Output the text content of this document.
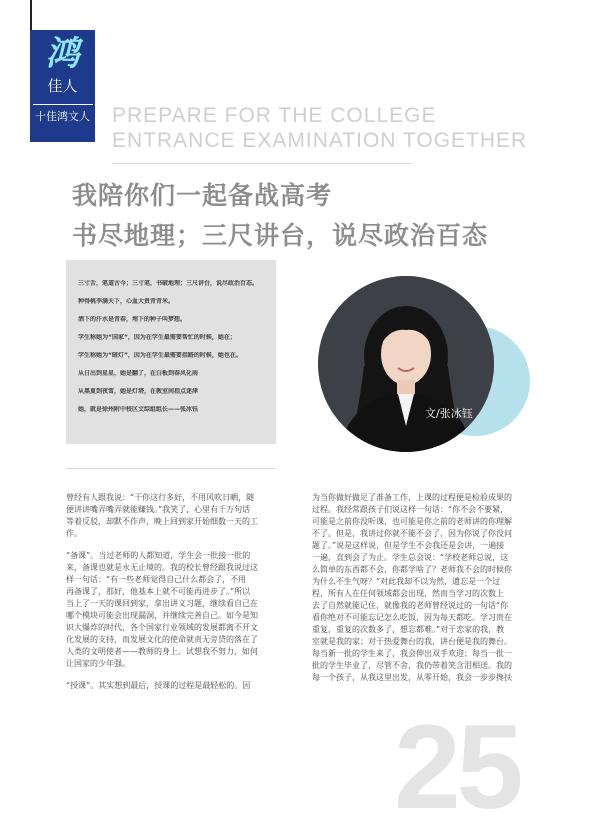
鸿
佳人
十佳鸿文人 PREPARE FOR THE COLLEGE
ENTRANCE EXAMINATION TOGETHER
我陪你们一起备战高考
书尽地理；三尺讲台，说尽政治百态
三寸舌，笔道古今；三寸笔，书破地理；三尺讲台，说尽政治百态。
种得桃李满天下，心血大贵青青米。
洒下的汗水是青春，埋下的种子叫梦想。
学生称她为“国家”，因为在学生最需要帮忙的时候，她在；
学生称她为“暗灯”，因为在学生最需要指路的时候，她也在。
从日出到星星，她是翻了，在白板到春风化雨
从黑夏到夜雪，她是灯塔，在教室间指点迷津
她，就是徐州附中校区文综组组长——张冰钰	文/张冰钰

曾经有人跟我说：“干你这行多好，不用风吹日晒，随
便讲讲嘴弄嘴弄就能赚钱。”我笑了，心里有千万句话
等着反驳，却默不作声，晚上回到家开始细数一天的工
作。

“备课”。当过老师的人都知道，学生会一批接一批的
来，备课也就是永无止境的。我的校长曾经跟我说过这
样一句话：“有一些老师觉得自己什么都会了，不用
再备课了，那好，他基本上就不可能再进步了。”所以
当上了一天的课回到家，拿出讲义习题，继续看自己在
哪个模块可能会出现漏洞，并继续完善自己。如今是知
识大爆炸的时代，各个国家行业领域的发展都离不开文
化发展的支持，而发展文化的使命就责无旁贷的落在了
人类的文明使者——教师的身上。试想我不努力，如何
让国家的少年强。

“授课”。其实想到最后，授课的过程是最轻松的。因

为当你做好做足了准备工作，上课的过程便是检验成果的
过程。我经常跟孩子们说这样一句话：“你不会不要紧，
可能是之前你没听课，也可能是你之前的老师讲的你理解
不了。但是，我讲过你就不能不会了，因为你说了你没问
题了。”说是这样说，但是学生不会我还是会讲，一遍接
一遍，直到会了为止。学生总会说：“学校老师总说，这
么简单的东西都不会，你都学啥了？老师我不会的时候你
为什么不生气呀？”对此我却不以为然，遗忘是一个过
程，所有人在任何领域都会出现，然而当学习的次数上
去了自然就能记住，就像我的老师曾经说过的一句话“你
看你绝对不可能忘记怎么吃饭，因为每天都吃。学习贵在
重复，重复的次数多了，想忘都难。”对于恋家的我，教
室就是我的家；对于热爱舞台的我，讲台便是我的舞台。
每当新一批的学生来了，我会伸出双手欢迎；每当一批一
批的学生毕业了，尽管不舍，我仍带着笑含泪相送。我的
每一个孩子，从我这里出发，从零开始，我会一步步搀扶

25
